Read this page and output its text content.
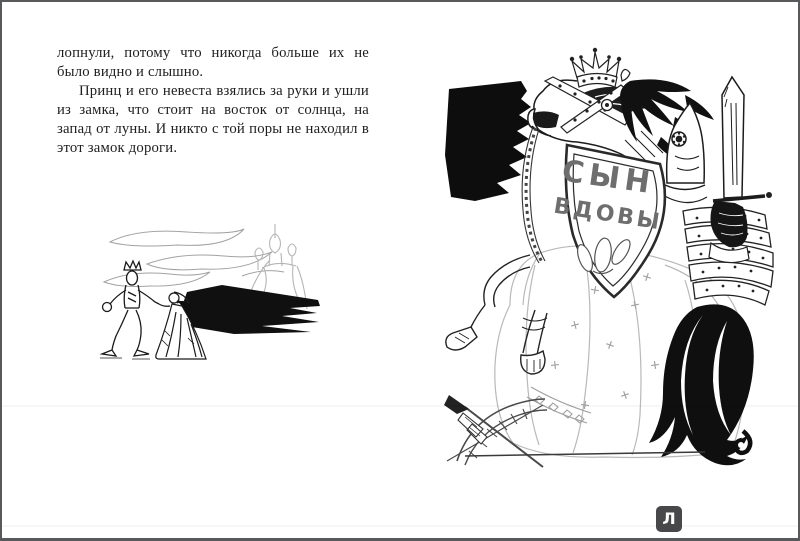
лопнули, потому что никогда больше их не было видно и слышно.

Принц и его невеста взялись за руки и ушли из замка, что стоит на восток от солнца, на запад от луны. И никто с той поры не находил в этот замок дороги.

СЫН
ВДОВЫ
Л
